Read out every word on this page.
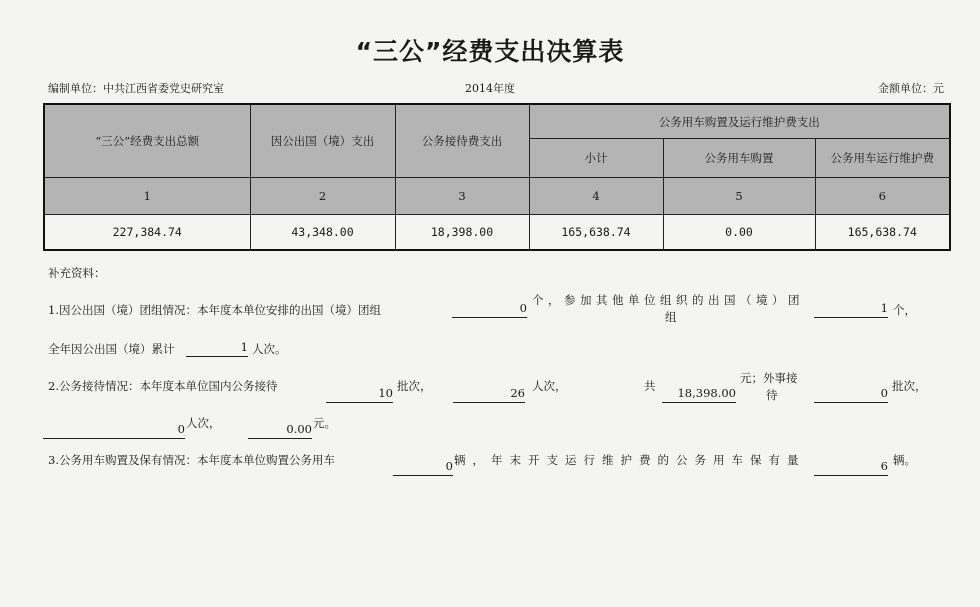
“三公”经费支出决算表
编制单位：中共江西省委党史研究室	2014年度	金额单位：元
“三公”经费支出总额	因公出国（境）支出	公务接待费支出	公务用车购置及运行维护费支出		
			小计	公务用车购置	公务用车运行维护费
1	2	3	4	5	6
227,384.74	43,348.00	18,398.00	165,638.74	0.00	165,638.74
补充资料：
1.因公出国（境）团组情况：本年度本单位安排的出国（境）团组	0
个，参加其他单位组织的出国（境）团
组
1 个，
全年因公出国（境）累计	1 人次。
2.公务接待情况：本年度本单位国内公务接待	10 批次，	26 人次，	共	18,398.00
元；外事接
待	0 批次，
0 人次，	0.00 元。
3.公务用车购置及保有情况：本年度本单位购置公务用车	0 辆，年末开支运行维护费的公务用车保有量	6 辆。
